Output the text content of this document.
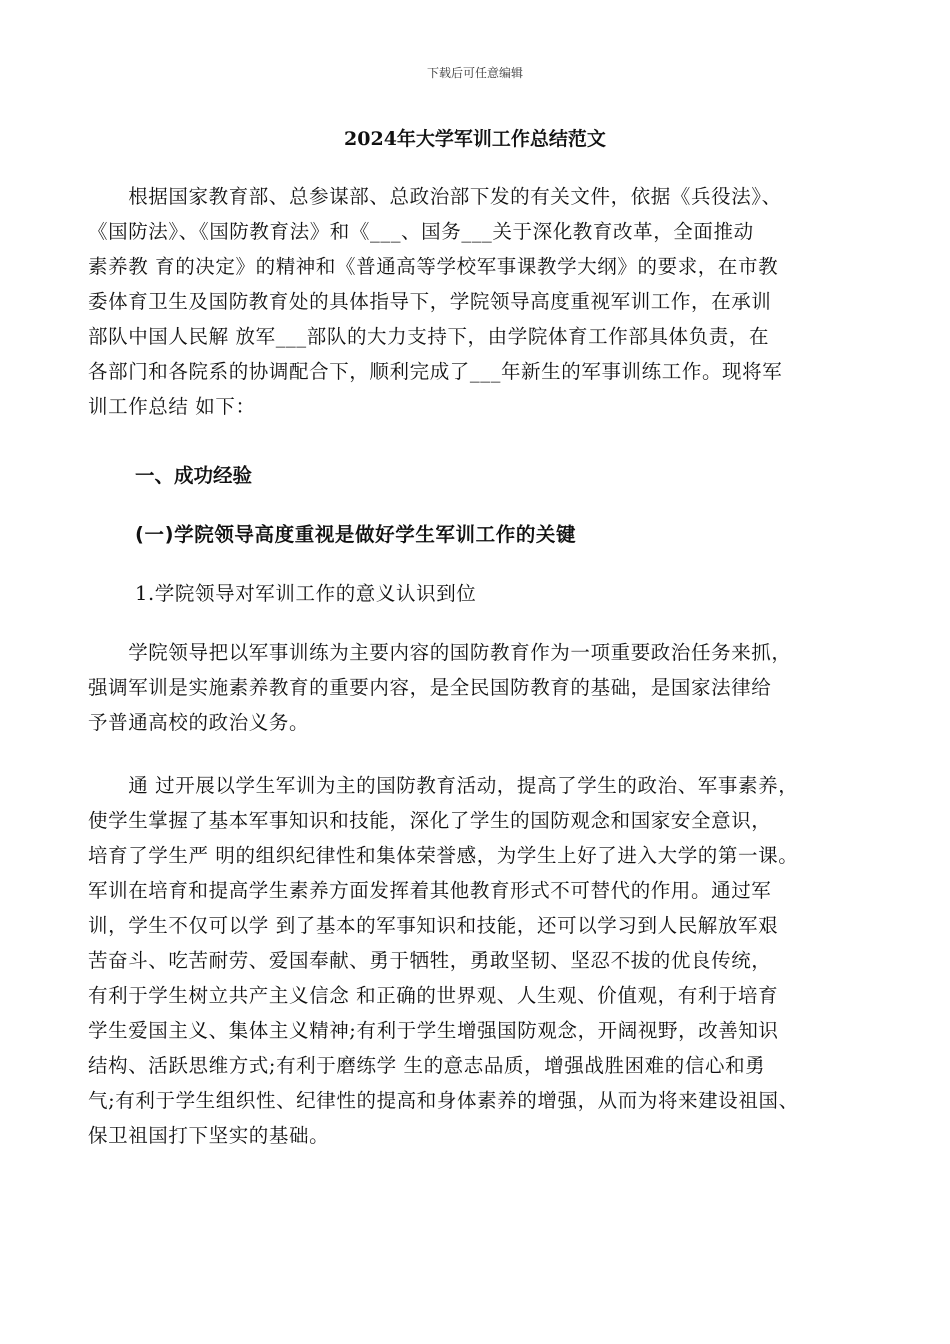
下载后可任意编辑
2024年大学军训工作总结范文
　　根据国家教育部、总参谋部、总政治部下发的有关文件，依据《兵役法》、
《国防法》、《国防教育法》和《___、国务___关于深化教育改革，全面推动
素养教 育的决定》的精神和《普通高等学校军事课教学大纲》的要求，在市教
委体育卫生及国防教育处的具体指导下，学院领导高度重视军训工作，在承训
部队中国人民解 放军___部队的大力支持下，由学院体育工作部具体负责，在
各部门和各院系的协调配合下，顺利完成了___年新生的军事训练工作。现将军
训工作总结 如下：
一、成功经验
(一)学院领导高度重视是做好学生军训工作的关键
1.学院领导对军训工作的意义认识到位
　　学院领导把以军事训练为主要内容的国防教育作为一项重要政治任务来抓，
强调军训是实施素养教育的重要内容，是全民国防教育的基础，是国家法律给
予普通高校的政治义务。
　　通 过开展以学生军训为主的国防教育活动，提高了学生的政治、军事素养，
使学生掌握了基本军事知识和技能，深化了学生的国防观念和国家安全意识，
培育了学生严 明的组织纪律性和集体荣誉感，为学生上好了进入大学的第一课。
军训在培育和提高学生素养方面发挥着其他教育形式不可替代的作用。通过军
训，学生不仅可以学 到了基本的军事知识和技能，还可以学习到人民解放军艰
苦奋斗、吃苦耐劳、爱国奉献、勇于牺牲，勇敢坚韧、坚忍不拔的优良传统，
有利于学生树立共产主义信念 和正确的世界观、人生观、价值观，有利于培育
学生爱国主义、集体主义精神;有利于学生增强国防观念，开阔视野，改善知识
结构、活跃思维方式;有利于磨练学 生的意志品质，增强战胜困难的信心和勇
气;有利于学生组织性、纪律性的提高和身体素养的增强，从而为将来建设祖国、
保卫祖国打下坚实的基础。
